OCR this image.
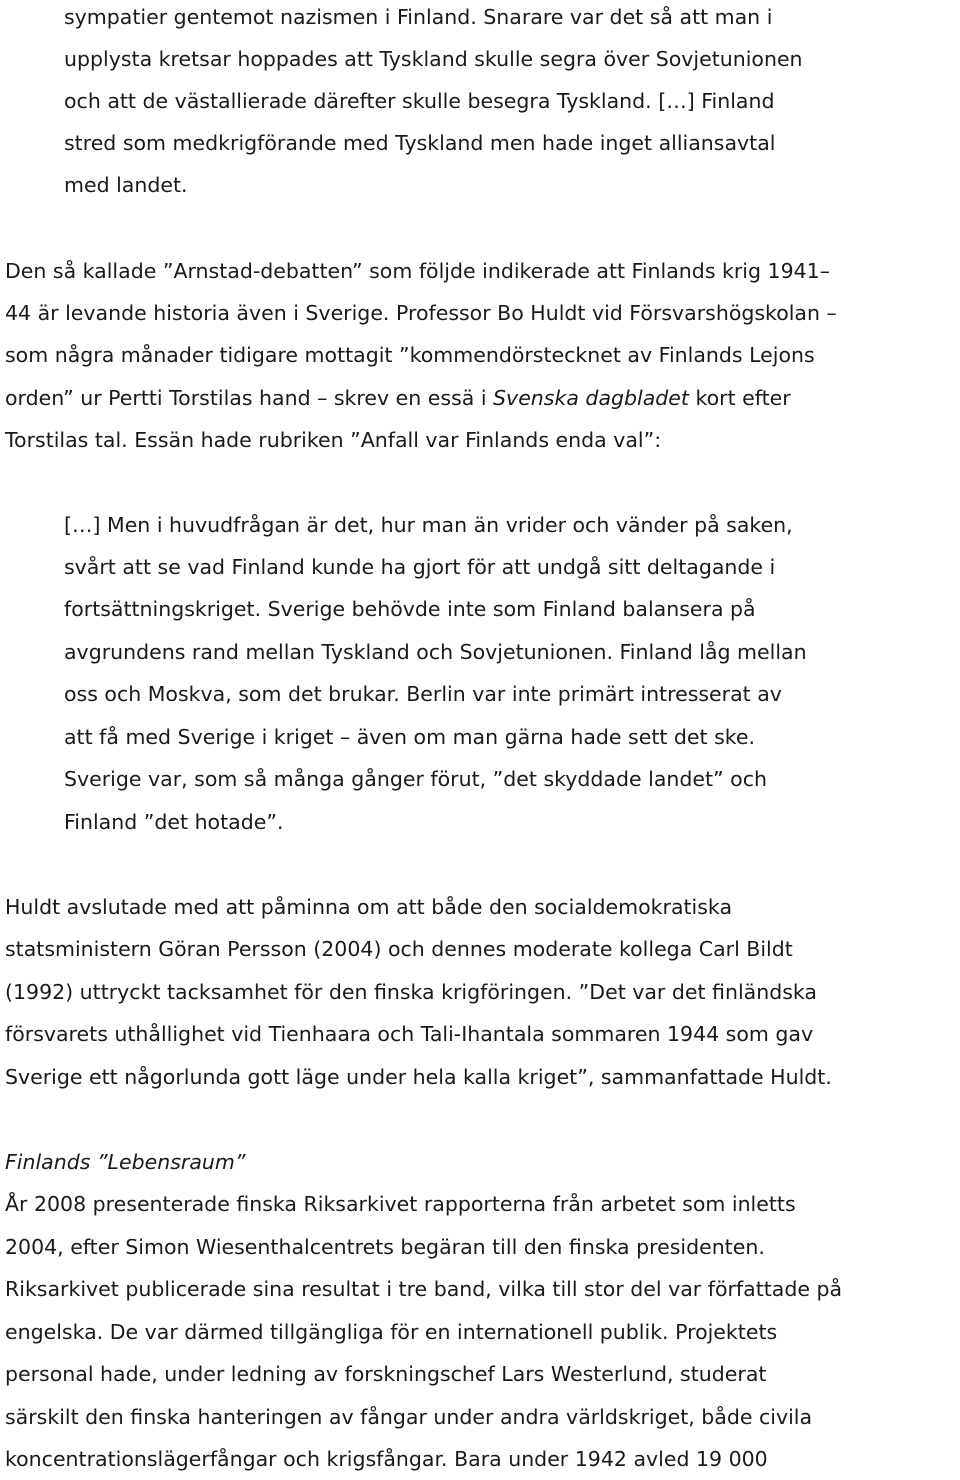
sympatier gentemot nazismen i Finland. Snarare var det så att man i

upplysta kretsar hoppades att Tyskland skulle segra över Sovjetunionen

och att de västallierade därefter skulle besegra Tyskland. […] Finland

stred som medkrigförande med Tyskland men hade inget alliansavtal

med landet.

Den så kallade ”Arnstad-debatten” som följde indikerade att Finlands krig 1941–

44 är levande historia även i Sverige. Professor Bo Huldt vid Försvarshögskolan –

som några månader tidigare mottagit ”kommendörstecknet av Finlands Lejons

orden” ur Pertti Torstilas hand – skrev en essä i Svenska dagbladet kort efter

Torstilas tal. Essän hade rubriken ”Anfall var Finlands enda val”:

[…] Men i huvudfrågan är det, hur man än vrider och vänder på saken,

svårt att se vad Finland kunde ha gjort för att undgå sitt deltagande i

fortsättningskriget. Sverige behövde inte som Finland balansera på

avgrundens rand mellan Tyskland och Sovjetunionen. Finland låg mellan

oss och Moskva, som det brukar. Berlin var inte primärt intresserat av

att få med Sverige i kriget – även om man gärna hade sett det ske.

Sverige var, som så många gånger förut, ”det skyddade landet” och

Finland ”det hotade”.

Huldt avslutade med att påminna om att både den socialdemokratiska

statsministern Göran Persson (2004) och dennes moderate kollega Carl Bildt

(1992) uttryckt tacksamhet för den finska krigföringen. ”Det var det finländska

försvarets uthållighet vid Tienhaara och Tali-Ihantala sommaren 1944 som gav

Sverige ett någorlunda gott läge under hela kalla kriget”, sammanfattade Huldt.

Finlands ”Lebensraum”

År 2008 presenterade finska Riksarkivet rapporterna från arbetet som inletts

2004, efter Simon Wiesenthalcentrets begäran till den finska presidenten.

Riksarkivet publicerade sina resultat i tre band, vilka till stor del var författade på

engelska. De var därmed tillgängliga för en internationell publik. Projektets

personal hade, under ledning av forskningschef Lars Westerlund, studerat

särskilt den finska hanteringen av fångar under andra världskriget, både civila

koncentrationslägerfångar och krigsfångar. Bara under 1942 avled 19 000
